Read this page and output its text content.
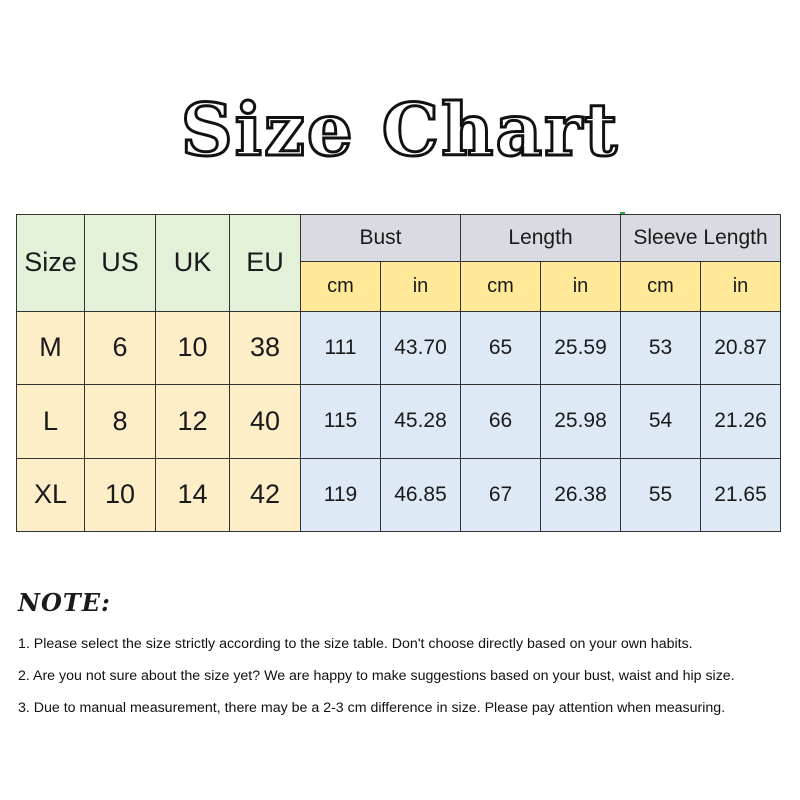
Size Chart
Size	US	UK	EU	Bust		Length		Sleeve Length	
				cm	in	cm	in	cm	in
M	6	10	38	111	43.70	65	25.59	53	20.87
L	8	12	40	115	45.28	66	25.98	54	21.26
XL	10	14	42	119	46.85	67	26.38	55	21.65
NOTE:
1. Please select the size strictly according to the size table. Don't choose directly based on your own habits.
2. Are you not sure about the size yet? We are happy to make suggestions based on your bust, waist and hip size.
3. Due to manual measurement, there may be a 2-3 cm difference in size. Please pay attention when measuring.
